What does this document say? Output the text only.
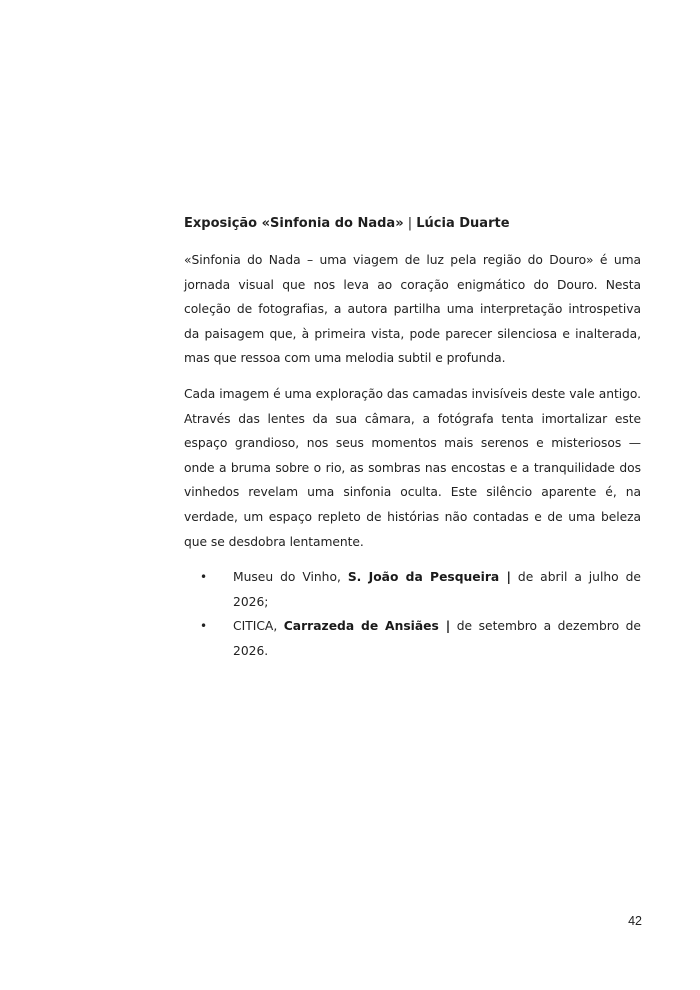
Exposição «Sinfonia do Nada» | Lúcia Duarte

«Sinfonia do Nada – uma viagem de luz pela região do Douro» é uma jornada visual que nos leva ao coração enigmático do Douro. Nesta coleção de fotografias, a autora partilha uma interpretação introspetiva da paisagem que, à primeira vista, pode parecer silenciosa e inalterada, mas que ressoa com uma melodia subtil e profunda.

Cada imagem é uma exploração das camadas invisíveis deste vale antigo. Através das lentes da sua câmara, a fotógrafa tenta imortalizar este espaço grandioso, nos seus momentos mais serenos e misteriosos — onde a bruma sobre o rio, as sombras nas encostas e a tranquilidade dos vinhedos revelam uma sinfonia oculta. Este silêncio aparente é, na verdade, um espaço repleto de histórias não contadas e de uma beleza que se desdobra lentamente.

• Museu do Vinho, S. João da Pesqueira | de abril a julho de 2026;
• CITICA, Carrazeda de Ansiães | de setembro a dezembro de 2026.
42
